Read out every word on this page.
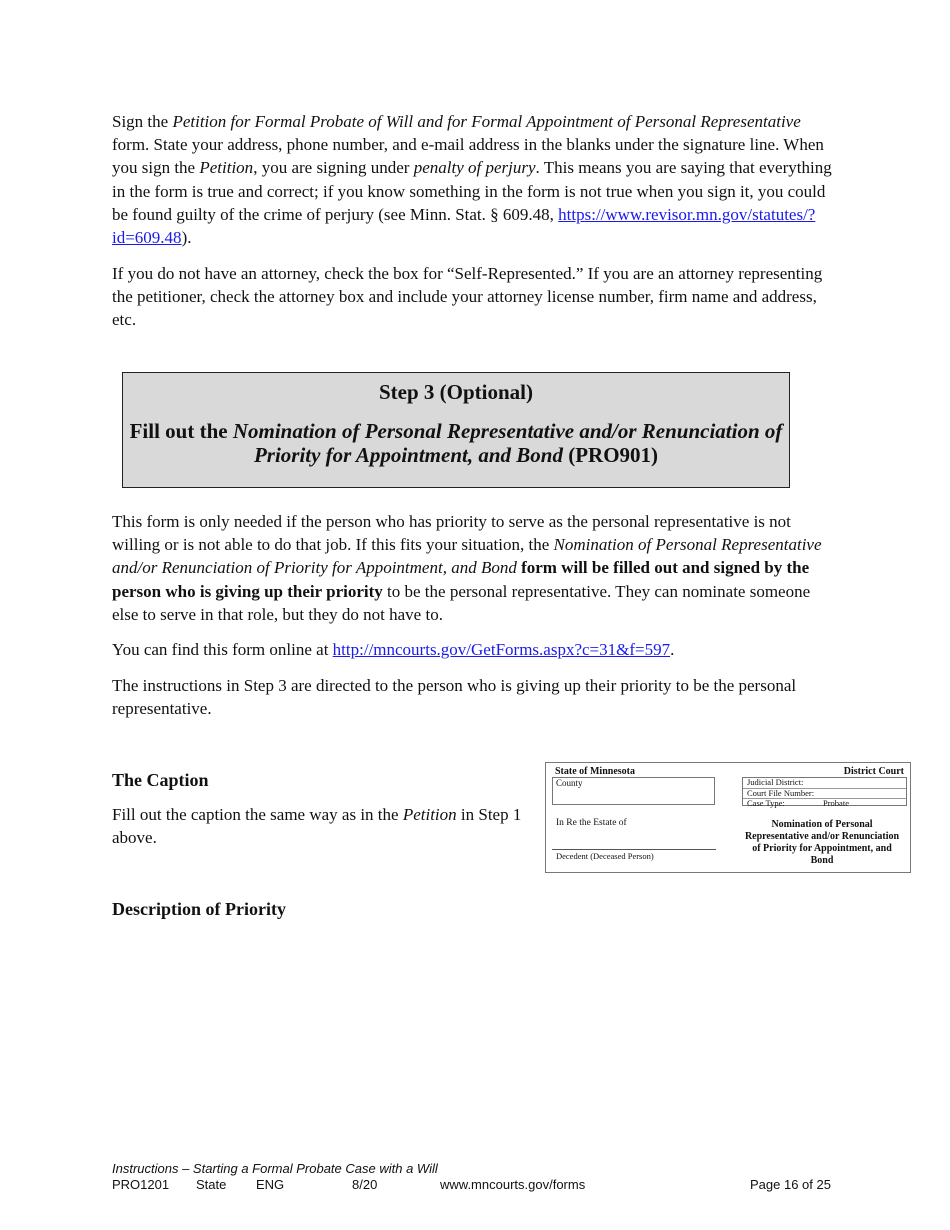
Sign the Petition for Formal Probate of Will and for Formal Appointment of Personal Representative form. State your address, phone number, and e-mail address in the blanks under the signature line. When you sign the Petition, you are signing under penalty of perjury. This means you are saying that everything in the form is true and correct; if you know something in the form is not true when you sign it, you could be found guilty of the crime of perjury (see Minn. Stat. § 609.48, https://www.revisor.mn.gov/statutes/?id=609.48).

If you do not have an attorney, check the box for “Self-Represented.” If you are an attorney representing the petitioner, check the attorney box and include your attorney license number, firm name and address, etc.

Step 3 (Optional)
Fill out the Nomination of Personal Representative and/or Renunciation of Priority for Appointment, and Bond (PRO901)

This form is only needed if the person who has priority to serve as the personal representative is not willing or is not able to do that job. If this fits your situation, the Nomination of Personal Representative and/or Renunciation of Priority for Appointment, and Bond form will be filled out and signed by the person who is giving up their priority to be the personal representative. They can nominate someone else to serve in that role, but they do not have to.

You can find this form online at http://mncourts.gov/GetForms.aspx?c=31&f=597.

The instructions in Step 3 are directed to the person who is giving up their priority to be the personal representative.

The Caption

Fill out the caption the same way as in the Petition in Step 1 above.

State of Minnesota	District Court
County	Judicial District:
Court File Number:
Case Type:	Probate
In Re the Estate of
Decedent (Deceased Person)
Nomination of Personal Representative and/or Renunciation of Priority for Appointment, and Bond
Description of Priority
Instructions – Starting a Formal Probate Case with a Will
PRO1201 State ENG	8/20	www.mncourts.gov/forms	Page 16 of 25
